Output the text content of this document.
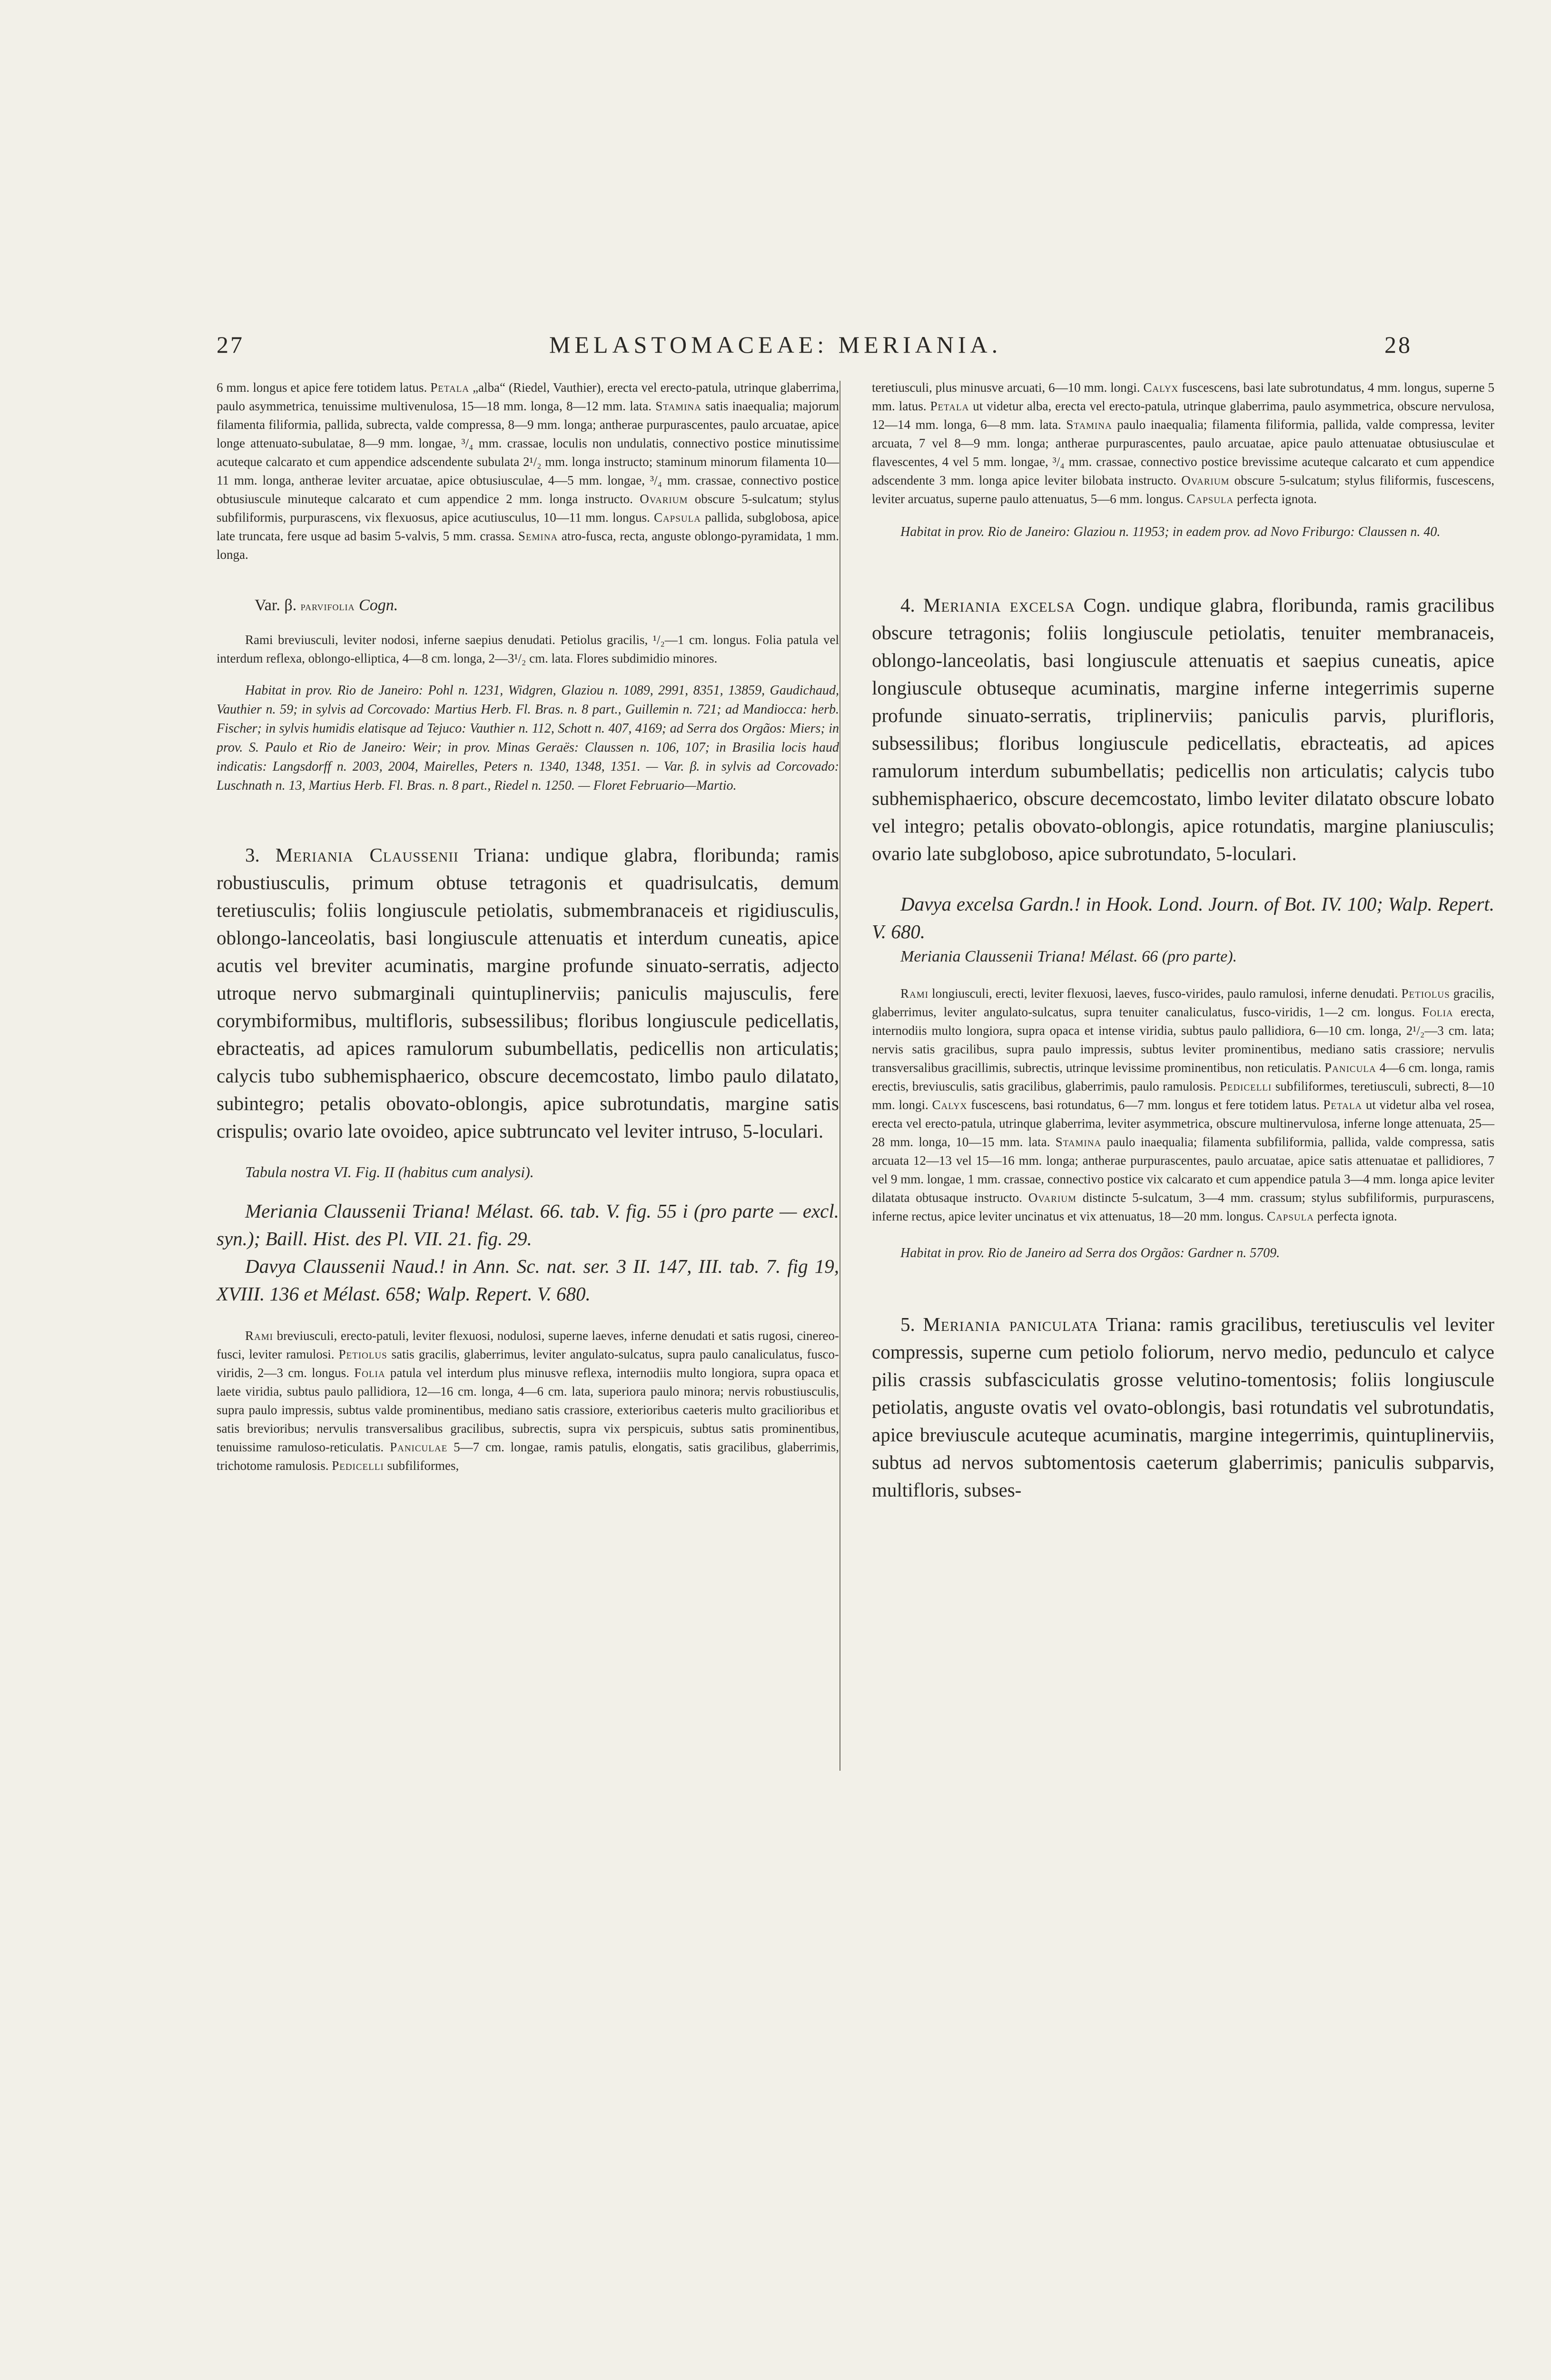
27	MELASTOMACEAE: MERIANIA.	28

6 mm. longus et apice fere totidem latus. Petala „alba“ (Riedel, Vauthier), erecta vel erecto-patula, utrinque glaberrima, paulo asymmetrica, tenuissime multivenulosa, 15—18 mm. longa, 8—12 mm. lata. Stamina satis inaequalia; majorum filamenta filiformia, pallida, subrecta, valde compressa, 8—9 mm. longa; antherae purpurascentes, paulo arcuatae, apice longe attenuato-subulatae, 8—9 mm. longae, ³/₄ mm. crassae, loculis non undulatis, connectivo postice minutissime acuteque calcarato et cum appendice adscendente subulata 2¹/₂ mm. longa instructo; staminum minorum filamenta 10—11 mm. longa, antherae leviter arcuatae, apice obtusiusculae, 4—5 mm. longae, ³/₄ mm. crassae, connectivo postice obtusiuscule minuteque calcarato et cum appendice 2 mm. longa instructo. Ovarium obscure 5-sulcatum; stylus subfiliformis, purpurascens, vix flexuosus, apice acutiusculus, 10—11 mm. longus. Capsula pallida, subglobosa, apice late truncata, fere usque ad basim 5-valvis, 5 mm. crassa. Semina atro-fusca, recta, anguste oblongo-pyramidata, 1 mm. longa.

Var. β. parvifolia Cogn.

Rami breviusculi, leviter nodosi, inferne saepius denudati. Petiolus gracilis, ¹/₂—1 cm. longus. Folia patula vel interdum reflexa, oblongo-elliptica, 4—8 cm. longa, 2—3¹/₂ cm. lata. Flores subdimidio minores.

Habitat in prov. Rio de Janeiro: Pohl n. 1231, Widgren, Glaziou n. 1089, 2991, 8351, 13859, Gaudichaud, Vauthier n. 59; in sylvis ad Corcovado: Martius Herb. Fl. Bras. n. 8 part., Guillemin n. 721; ad Mandiocca: herb. Fischer; in sylvis humidis elatisque ad Tejuco: Vauthier n. 112, Schott n. 407, 4169; ad Serra dos Orgãos: Miers; in prov. S. Paulo et Rio de Janeiro: Weir; in prov. Minas Geraës: Claussen n. 106, 107; in Brasilia locis haud indicatis: Langsdorff n. 2003, 2004, Mairelles, Peters n. 1340, 1348, 1351. — Var. β. in sylvis ad Corcovado: Luschnath n. 13, Martius Herb. Fl. Bras. n. 8 part., Riedel n. 1250. — Floret Februario—Martio.

3. Meriania Claussenii Triana: undique glabra, floribunda; ramis robustiusculis, primum obtuse tetragonis et quadrisulcatis, demum teretiusculis; foliis longiuscule petiolatis, submembranaceis et rigidiusculis, oblongo-lanceolatis, basi longiuscule attenuatis et interdum cuneatis, apice acutis vel breviter acuminatis, margine profunde sinuato-serratis, adjecto utroque nervo submarginali quintuplinerviis; paniculis majusculis, fere corymbiformibus, multifloris, subsessilibus; floribus longiuscule pedicellatis, ebracteatis, ad apices ramulorum subumbellatis, pedicellis non articulatis; calycis tubo subhemisphaerico, obscure decemcostato, limbo paulo dilatato, subintegro; petalis obovato-oblongis, apice subrotundatis, margine satis crispulis; ovario late ovoideo, apice subtruncato vel leviter intruso, 5-loculari.

Tabula nostra VI. Fig. II (habitus cum analysi).

Meriania Claussenii Triana! Mélast. 66. tab. V. fig. 55 i (pro parte — excl. syn.); Baill. Hist. des Pl. VII. 21. fig. 29.

Davya Claussenii Naud.! in Ann. Sc. nat. ser. 3 II. 147, III. tab. 7. fig 19, XVIII. 136 et Mélast. 658; Walp. Repert. V. 680.

Rami breviusculi, erecto-patuli, leviter flexuosi, nodulosi, superne laeves, inferne denudati et satis rugosi, cinereo-fusci, leviter ramulosi. Petiolus satis gracilis, glaberrimus, leviter angulato-sulcatus, supra paulo canaliculatus, fusco-viridis, 2—3 cm. longus. Folia patula vel interdum plus minusve reflexa, internodiis multo longiora, supra opaca et laete viridia, subtus paulo pallidiora, 12—16 cm. longa, 4—6 cm. lata, superiora paulo minora; nervis robustiusculis, supra paulo impressis, subtus valde prominentibus, mediano satis crassiore, exterioribus caeteris multo gracilioribus et satis brevioribus; nervulis transversalibus gracilibus, subrectis, supra vix perspicuis, subtus satis prominentibus, tenuissime ramuloso-reticulatis. Paniculae 5—7 cm. longae, ramis patulis, elongatis, satis gracilibus, glaberrimis, trichotome ramulosis. Pedicelli subfiliformes,

teretiusculi, plus minusve arcuati, 6—10 mm. longi. Calyx fuscescens, basi late subrotundatus, 4 mm. longus, superne 5 mm. latus. Petala ut videtur alba, erecta vel erecto-patula, utrinque glaberrima, paulo asymmetrica, obscure nervulosa, 12—14 mm. longa, 6—8 mm. lata. Stamina paulo inaequalia; filamenta filiformia, pallida, valde compressa, leviter arcuata, 7 vel 8—9 mm. longa; antherae purpurascentes, paulo arcuatae, apice paulo attenuatae obtusiusculae et flavescentes, 4 vel 5 mm. longae, ³/₄ mm. crassae, connectivo postice brevissime acuteque calcarato et cum appendice adscendente 3 mm. longa apice leviter bilobata instructo. Ovarium obscure 5-sulcatum; stylus filiformis, fuscescens, leviter arcuatus, superne paulo attenuatus, 5—6 mm. longus. Capsula perfecta ignota.

Habitat in prov. Rio de Janeiro: Glaziou n. 11953; in eadem prov. ad Novo Friburgo: Claussen n. 40.

4. Meriania excelsa Cogn. undique glabra, floribunda, ramis gracilibus obscure tetragonis; foliis longiuscule petiolatis, tenuiter membranaceis, oblongo-lanceolatis, basi longiuscule attenuatis et saepius cuneatis, apice longiuscule obtuseque acuminatis, margine inferne integerrimis superne profunde sinuato-serratis, triplinerviis; paniculis parvis, plurifloris, subsessilibus; floribus longiuscule pedicellatis, ebracteatis, ad apices ramulorum interdum subumbellatis; pedicellis non articulatis; calycis tubo subhemisphaerico, obscure decemcostato, limbo leviter dilatato obscure lobato vel integro; petalis obovato-oblongis, apice rotundatis, margine planiusculis; ovario late subgloboso, apice subrotundato, 5-loculari.

Davya excelsa Gardn.! in Hook. Lond. Journ. of Bot. IV. 100; Walp. Repert. V. 680.

Meriania Claussenii Triana! Mélast. 66 (pro parte).

Rami longiusculi, erecti, leviter flexuosi, laeves, fusco-virides, paulo ramulosi, inferne denudati. Petiolus gracilis, glaberrimus, leviter angulato-sulcatus, supra tenuiter canaliculatus, fusco-viridis, 1—2 cm. longus. Folia erecta, internodiis multo longiora, supra opaca et intense viridia, subtus paulo pallidiora, 6—10 cm. longa, 2¹/₂—3 cm. lata; nervis satis gracilibus, supra paulo impressis, subtus leviter prominentibus, mediano satis crassiore; nervulis transversalibus gracillimis, subrectis, utrinque levissime prominentibus, non reticulatis. Panicula 4—6 cm. longa, ramis erectis, breviusculis, satis gracilibus, glaberrimis, paulo ramulosis. Pedicelli subfiliformes, teretiusculi, subrecti, 8—10 mm. longi. Calyx fuscescens, basi rotundatus, 6—7 mm. longus et fere totidem latus. Petala ut videtur alba vel rosea, erecta vel erecto-patula, utrinque glaberrima, leviter asymmetrica, obscure multinervulosa, inferne longe attenuata, 25—28 mm. longa, 10—15 mm. lata. Stamina paulo inaequalia; filamenta subfiliformia, pallida, valde compressa, satis arcuata 12—13 vel 15—16 mm. longa; antherae purpurascentes, paulo arcuatae, apice satis attenuatae et pallidiores, 7 vel 9 mm. longae, 1 mm. crassae, connectivo postice vix calcarato et cum appendice patula 3—4 mm. longa apice leviter dilatata obtusaque instructo. Ovarium distincte 5-sulcatum, 3—4 mm. crassum; stylus subfiliformis, purpurascens, inferne rectus, apice leviter uncinatus et vix attenuatus, 18—20 mm. longus. Capsula perfecta ignota.

Habitat in prov. Rio de Janeiro ad Serra dos Orgãos: Gardner n. 5709.

5. Meriania paniculata Triana: ramis gracilibus, teretiusculis vel leviter compressis, superne cum petiolo foliorum, nervo medio, pedunculo et calyce pilis crassis subfasciculatis grosse velutino-tomentosis; foliis longiuscule petiolatis, anguste ovatis vel ovato-oblongis, basi rotundatis vel subrotundatis, apice breviuscule acuteque acuminatis, margine integerrimis, quintuplinerviis, subtus ad nervos subtomentosis caeterum glaberrimis; paniculis subparvis, multifloris, subses-
